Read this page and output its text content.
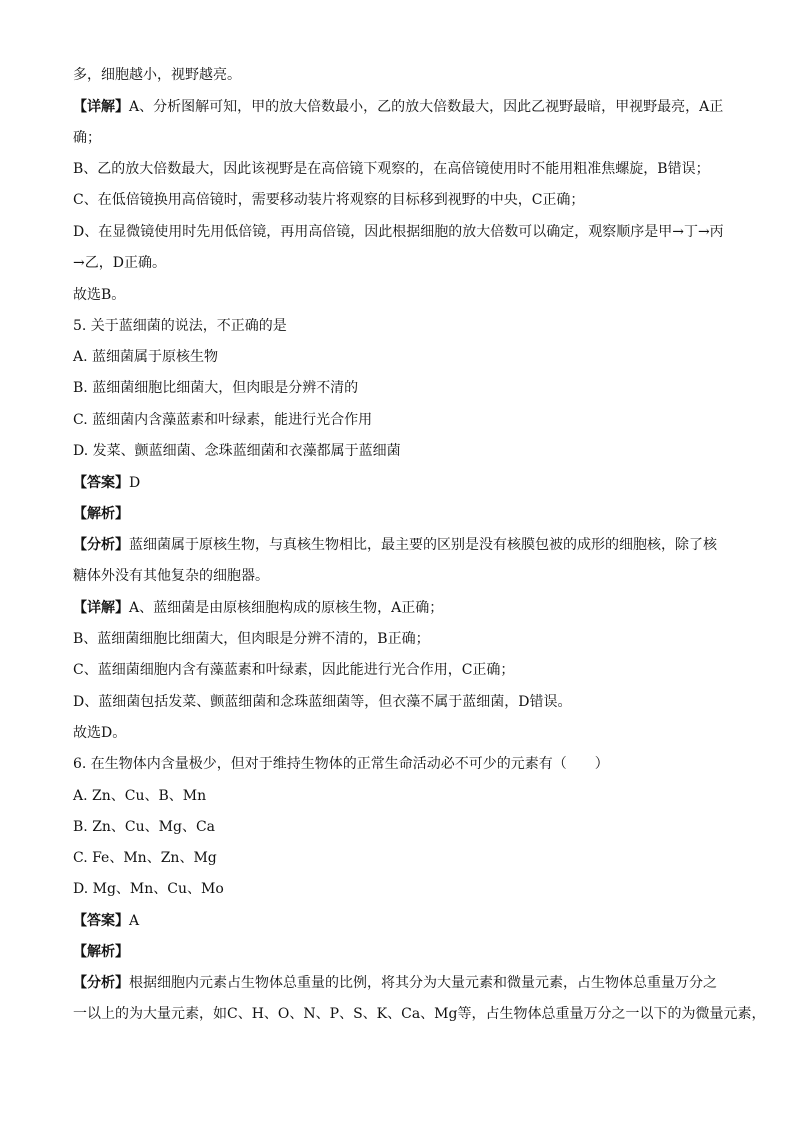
多，细胞越小，视野越亮。
【详解】A、分析图解可知，甲的放大倍数最小，乙的放大倍数最大，因此乙视野最暗，甲视野最亮，A正
确；
B、乙的放大倍数最大，因此该视野是在高倍镜下观察的，在高倍镜使用时不能用粗准焦螺旋，B错误；
C、在低倍镜换用高倍镜时，需要移动装片将观察的目标移到视野的中央，C正确；
D、在显微镜使用时先用低倍镜，再用高倍镜，因此根据细胞的放大倍数可以确定，观察顺序是甲→丁→丙
→乙，D正确。
故选B。
5. 关于蓝细菌的说法，不正确的是
A. 蓝细菌属于原核生物
B. 蓝细菌细胞比细菌大，但肉眼是分辨不清的
C. 蓝细菌内含藻蓝素和叶绿素，能进行光合作用
D. 发菜、颤蓝细菌、念珠蓝细菌和衣藻都属于蓝细菌
【答案】D
【解析】
【分析】蓝细菌属于原核生物，与真核生物相比，最主要的区别是没有核膜包被的成形的细胞核，除了核
糖体外没有其他复杂的细胞器。
【详解】A、蓝细菌是由原核细胞构成的原核生物，A正确；
B、蓝细菌细胞比细菌大，但肉眼是分辨不清的，B正确；
C、蓝细菌细胞内含有藻蓝素和叶绿素，因此能进行光合作用，C正确；
D、蓝细菌包括发菜、颤蓝细菌和念珠蓝细菌等，但衣藻不属于蓝细菌，D错误。
故选D。
6. 在生物体内含量极少，但对于维持生物体的正常生命活动必不可少的元素有（　　）
A. Zn、Cu、B、Mn
B. Zn、Cu、Mg、Ca
C. Fe、Mn、Zn、Mg
D. Mg、Mn、Cu、Mo
【答案】A
【解析】
【分析】根据细胞内元素占生物体总重量的比例，将其分为大量元素和微量元素，占生物体总重量万分之
一以上的为大量元素，如C、H、O、N、P、S、K、Ca、Mg等，占生物体总重量万分之一以下的为微量元素，
